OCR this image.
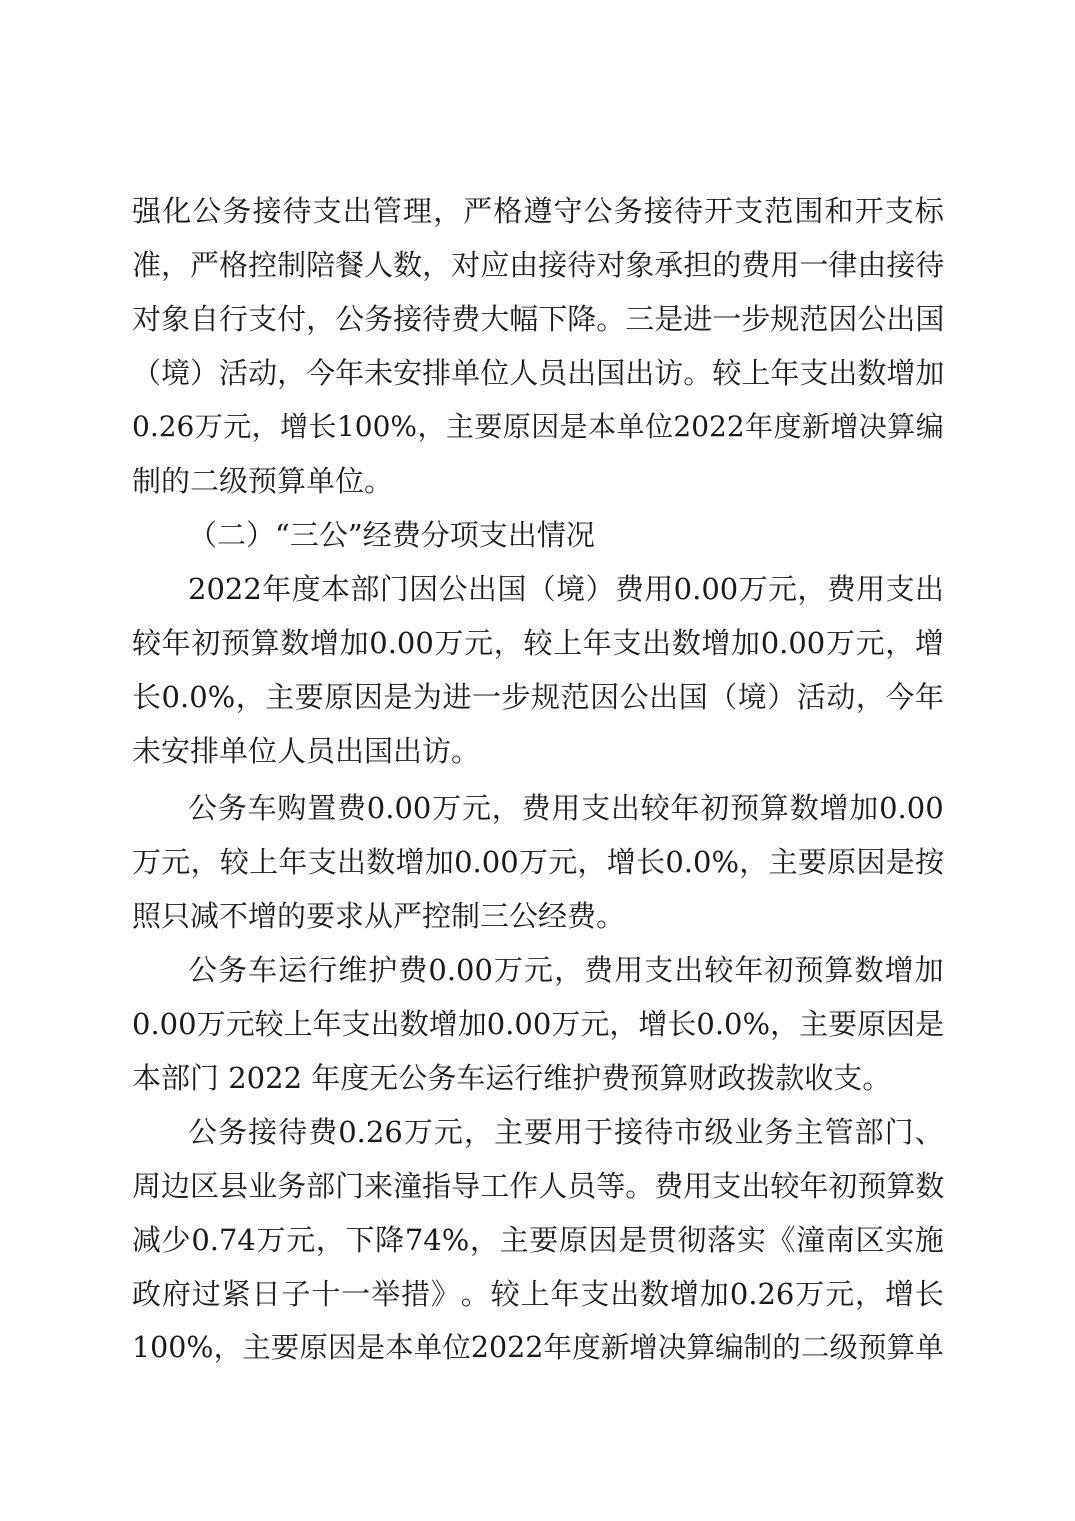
强 化 公 务 接 待 支 出 管 理 ， 严 格 遵 守 公 务 接 待 开 支 范 围 和 开 支 标
准 ， 严 格 控 制 陪 餐 人 数 ， 对 应 由 接 待 对 象 承 担 的 费 用 一 律 由 接 待
对 象 自 行 支 付 ， 公 务 接 待 费 大 幅 下 降 。 三 是 进 一 步 规 范 因 公 出 国
（ 境 ） 活 动 ， 今 年 未 安 排 单 位 人 员 出 国 出 访 。 较 上 年 支 出 数 增 加
0.26 万 元 ， 增 长 100% ， 主 要 原 因 是 本 单 位 2022 年 度 新 增 决 算 编
制的二级预算单位。
（ 二 ） “ 三 公 ” 经 费 分 项 支 出 情 况
2022 年 度 本 部 门 因 公 出 国 （ 境 ） 费 用 0.00 万 元 ， 费 用 支 出
较 年 初 预 算 数 增 加 0.00 万 元 ， 较 上 年 支 出 数 增 加 0.00 万 元 ， 增
长 0.0% ， 主 要 原 因 是 为 进 一 步 规 范 因 公 出 国 （ 境 ） 活 动 ， 今 年
未安排单位人员出国出访。
公 务 车 购 置 费 0.00 万 元 ， 费 用 支 出 较 年 初 预 算 数 增 加 0.00
万 元 ， 较 上 年 支 出 数 增 加 0.00 万 元 ， 增 长 0.0% ， 主 要 原 因 是 按
照只减不增的要求从严控制三公经费。
公 务 车 运 行 维 护 费 0.00 万 元 ， 费 用 支 出 较 年 初 预 算 数 增 加
0.00 万 元 较 上 年 支 出 数 增 加 0.00 万 元 ， 增 长 0.0% ， 主 要 原 因 是
本部门 2022 年度无公务车运行维护费预算财政拨款收支。
公 务 接 待 费 0.26 万 元 ， 主 要 用 于 接 待 市 级 业 务 主 管 部 门 、
周 边 区 县 业 务 部 门 来 潼 指 导 工 作 人 员 等 。 费 用 支 出 较 年 初 预 算 数
减 少 0.74 万 元 ， 下 降 74% ， 主 要 原 因 是 贯 彻 落 实 《 潼 南 区 实 施
政 府 过 紧 日 子 十 一 举 措 》 。 较 上 年 支 出 数 增 加 0.26 万 元 ， 增 长
100% ， 主 要 原 因 是 本 单 位 2022 年 度 新 增 决 算 编 制 的 二 级 预 算 单
